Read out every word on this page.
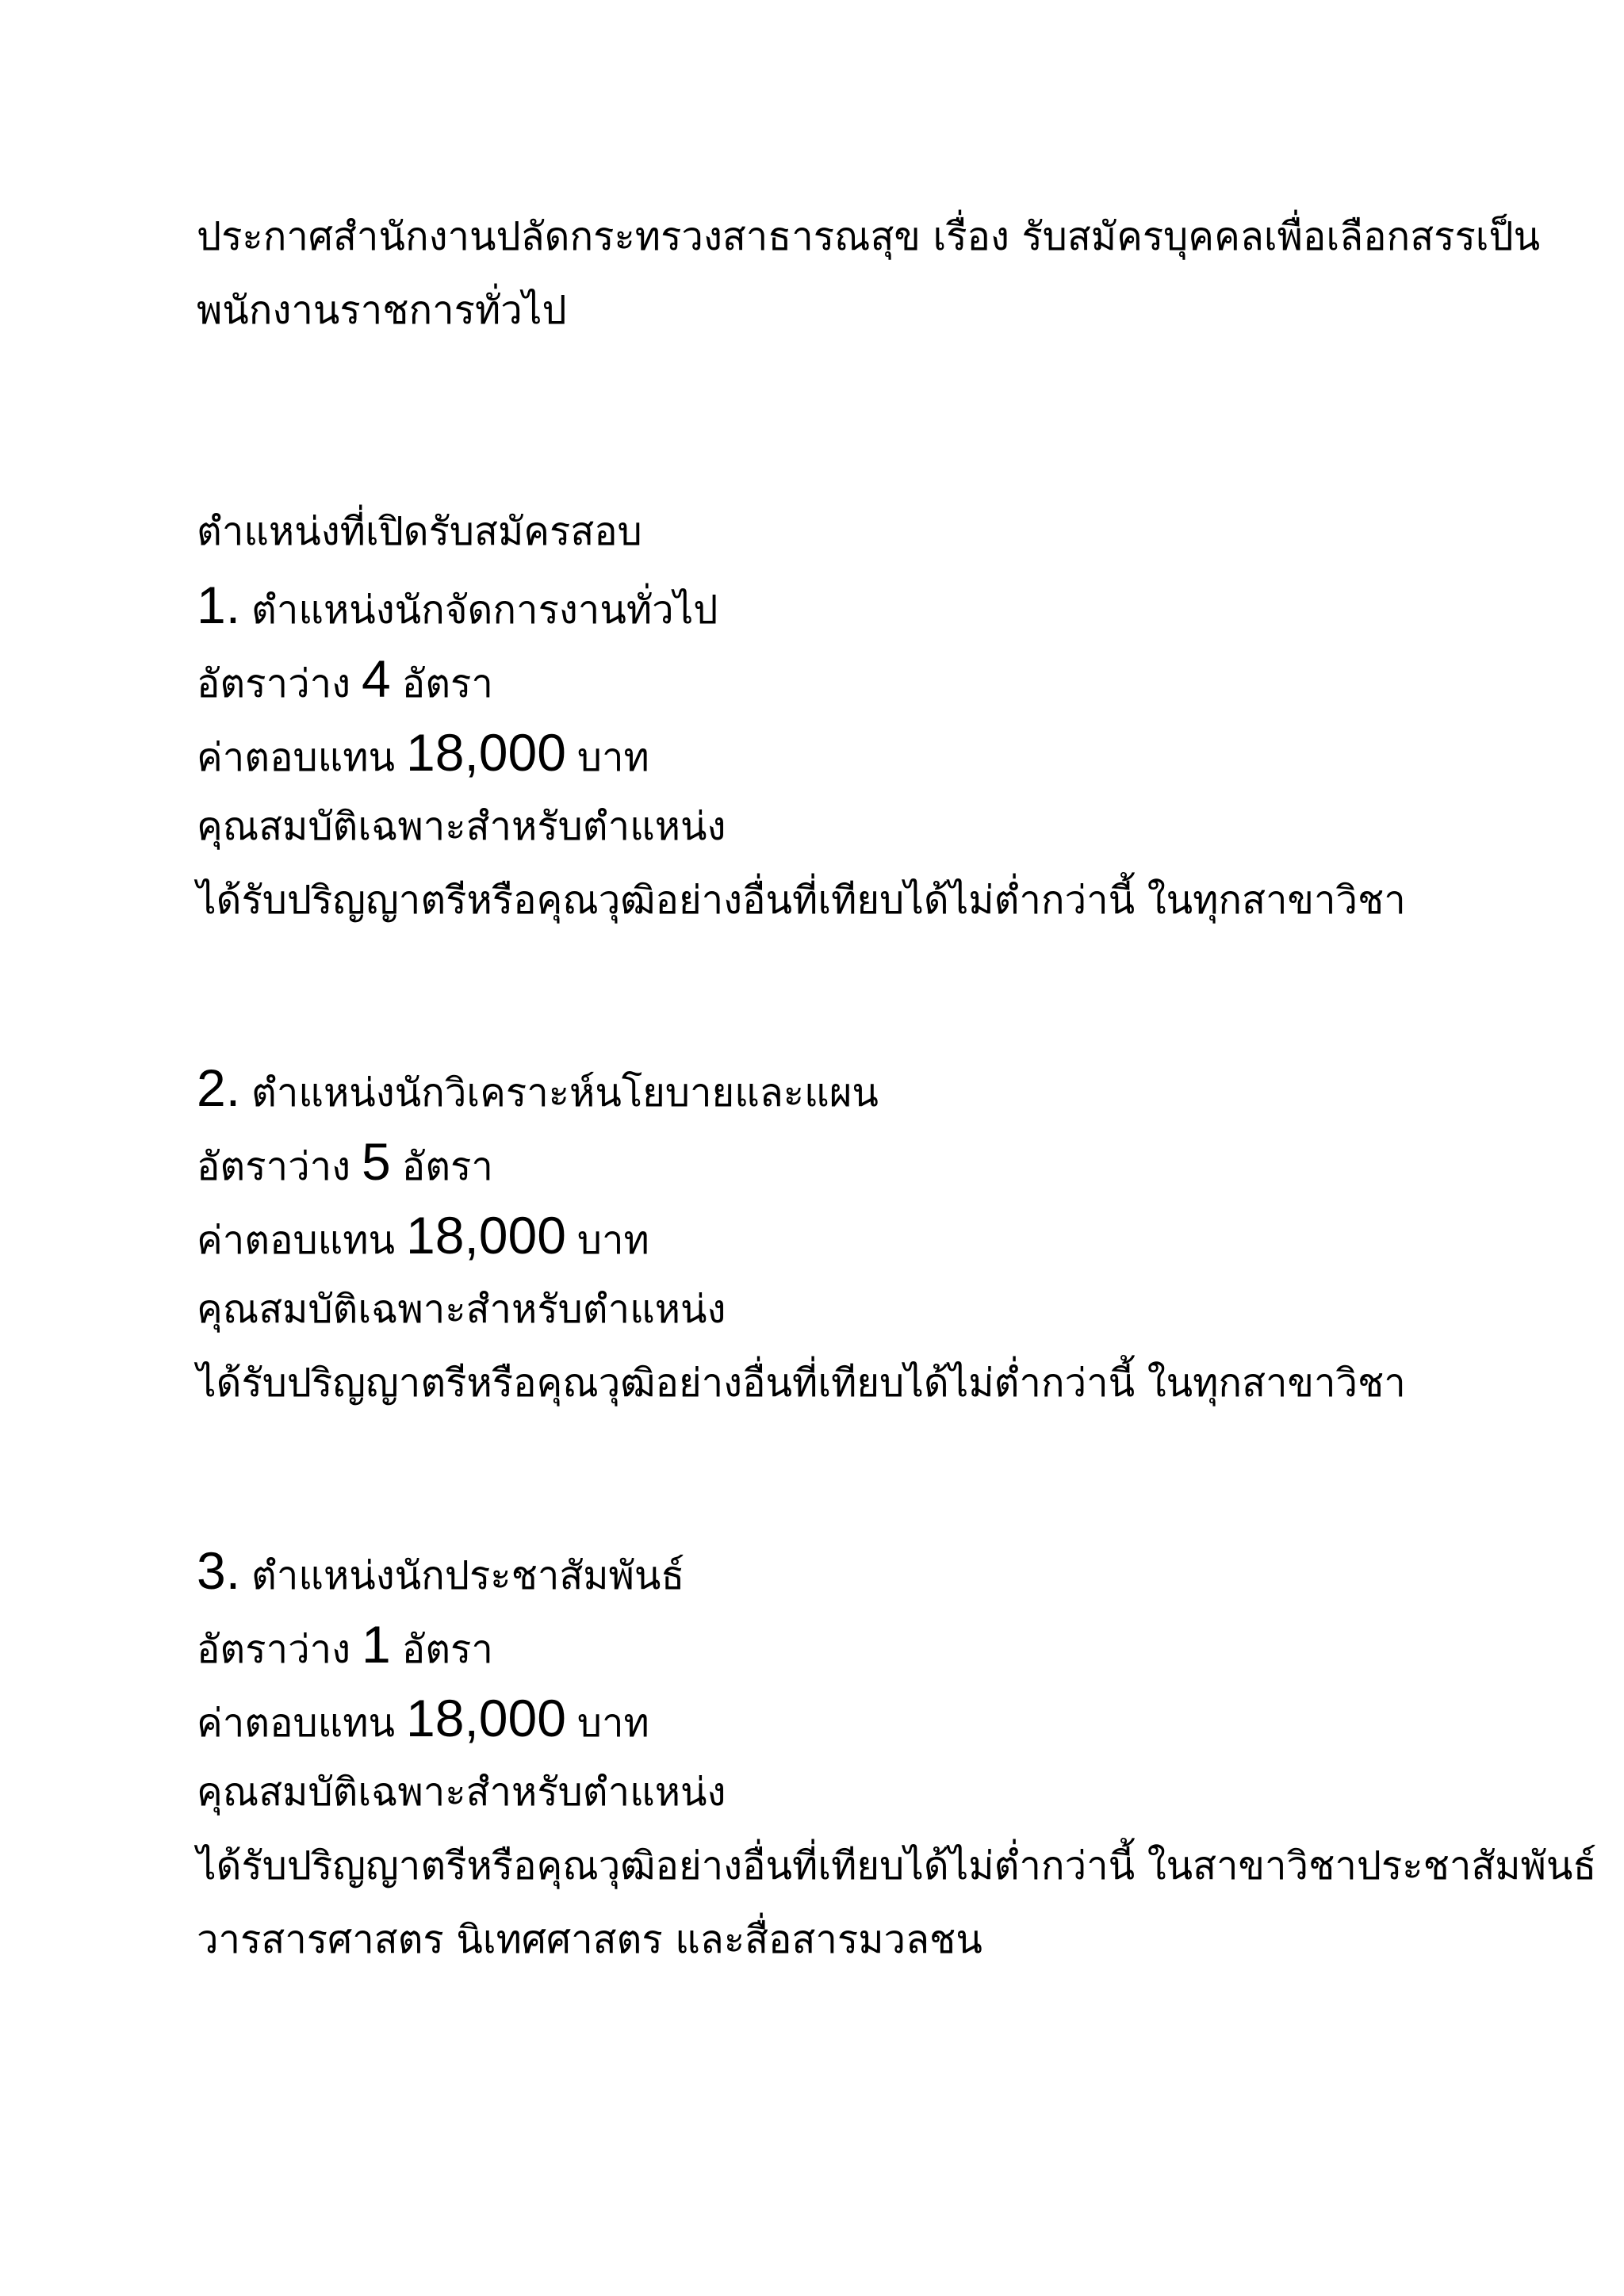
ประกาศสำนักงานปลัดกระทรวงสาธารณสุข เรื่อง รับสมัครบุคคลเพื่อเลือกสรรเป็น
พนักงานราชการทั่วไป
ตำแหน่งที่เปิดรับสมัครสอบ
1. ตำแหน่งนักจัดการงานทั่วไป
อัตราว่าง 4 อัตรา
ค่าตอบแทน 18,000 บาท
คุณสมบัติเฉพาะสำหรับตำแหน่ง
ได้รับปริญญาตรีหรือคุณวุฒิอย่างอื่นที่เทียบได้ไม่ต่ำกว่านี้ ในทุกสาขาวิชา
2. ตำแหน่งนักวิเคราะห์นโยบายและแผน
อัตราว่าง 5 อัตรา
ค่าตอบแทน 18,000 บาท
คุณสมบัติเฉพาะสำหรับตำแหน่ง
ได้รับปริญญาตรีหรือคุณวุฒิอย่างอื่นที่เทียบได้ไม่ต่ำกว่านี้ ในทุกสาขาวิชา
3. ตำแหน่งนักประชาสัมพันธ์
อัตราว่าง 1 อัตรา
ค่าตอบแทน 18,000 บาท
คุณสมบัติเฉพาะสำหรับตำแหน่ง
ได้รับปริญญาตรีหรือคุณวุฒิอย่างอื่นที่เทียบได้ไม่ต่ำกว่านี้ ในสาขาวิชาประชาสัมพันธ์
วารสารศาสตร นิเทศศาสตร และสื่อสารมวลชน
